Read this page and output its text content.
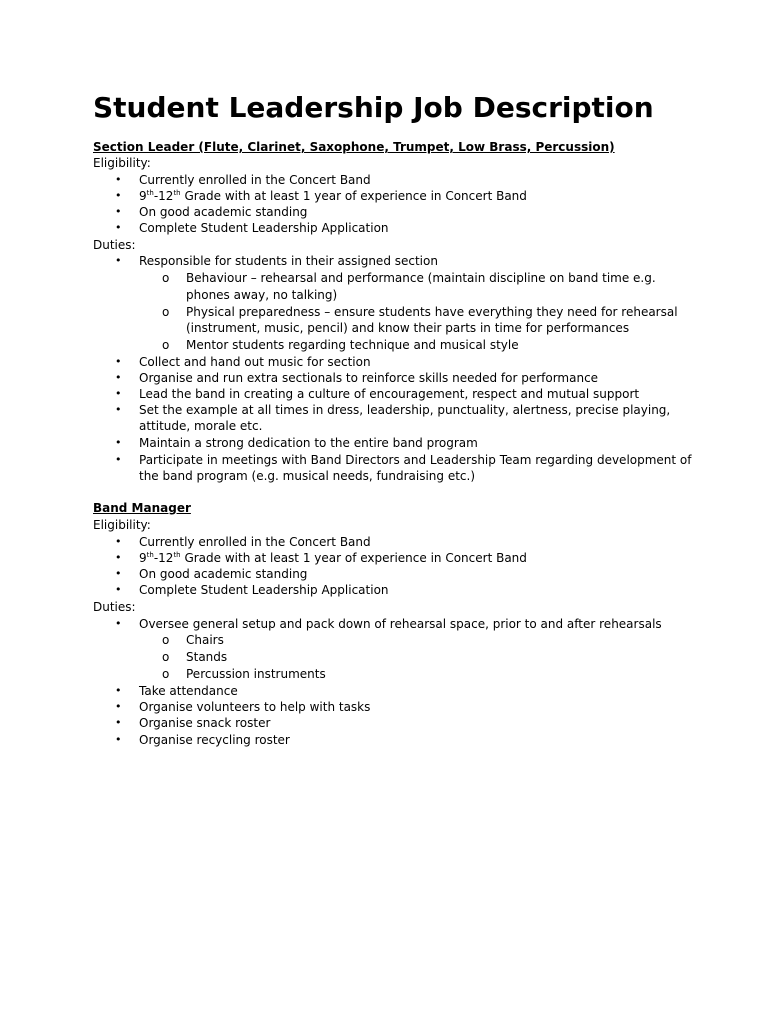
Student Leadership Job Description
Section Leader (Flute, Clarinet, Saxophone, Trumpet, Low Brass, Percussion)
Eligibility:
• Currently enrolled in the Concert Band
• 9th-12th Grade with at least 1 year of experience in Concert Band
• On good academic standing
• Complete Student Leadership Application
Duties:
• Responsible for students in their assigned section
o Behaviour – rehearsal and performance (maintain discipline on band time e.g.
phones away, no talking)
o Physical preparedness – ensure students have everything they need for rehearsal
(instrument, music, pencil) and know their parts in time for performances
o Mentor students regarding technique and musical style
• Collect and hand out music for section
• Organise and run extra sectionals to reinforce skills needed for performance
• Lead the band in creating a culture of encouragement, respect and mutual support
• Set the example at all times in dress, leadership, punctuality, alertness, precise playing,
attitude, morale etc.
• Maintain a strong dedication to the entire band program
• Participate in meetings with Band Directors and Leadership Team regarding development of
the band program (e.g. musical needs, fundraising etc.)
Band Manager
Eligibility:
• Currently enrolled in the Concert Band
• 9th-12th Grade with at least 1 year of experience in Concert Band
• On good academic standing
• Complete Student Leadership Application
Duties:
• Oversee general setup and pack down of rehearsal space, prior to and after rehearsals
o Chairs
o Stands
o Percussion instruments
• Take attendance
• Organise volunteers to help with tasks
• Organise snack roster
• Organise recycling roster
